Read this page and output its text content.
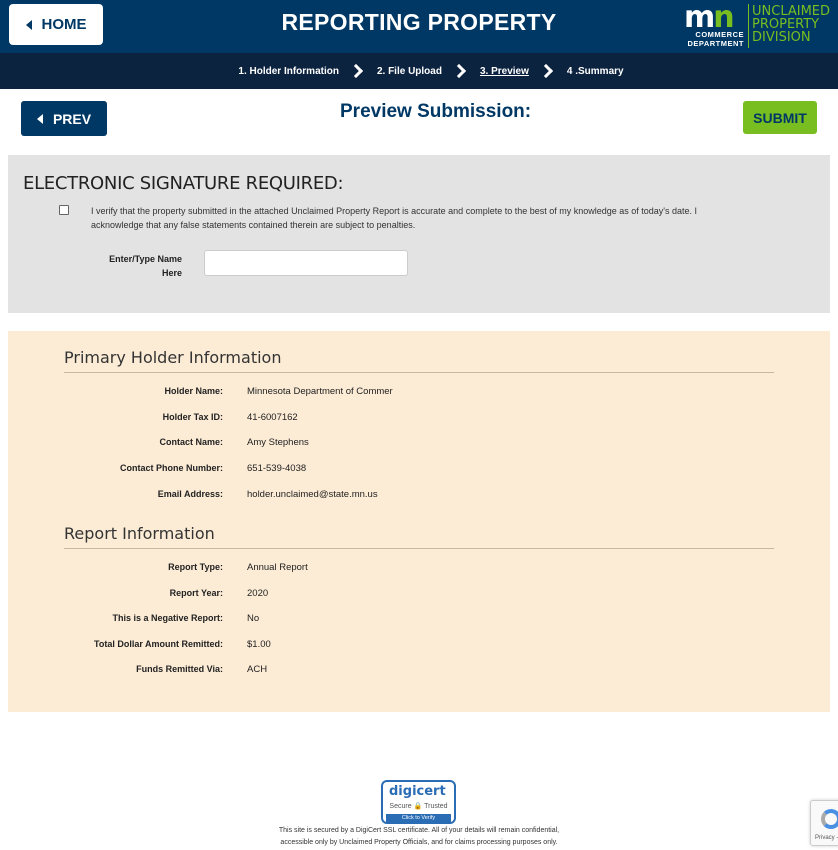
HOME	REPORTING PROPERTY	mn
COMMERCE
DEPARTMENT
UNCLAIMED
PROPERTY
DIVISION
1. Holder Information	2. File Upload	3. Preview	4 .Summary
PREV	Preview Submission:	SUBMIT
ELECTRONIC SIGNATURE REQUIRED:
I verify that the property submitted in the attached Unclaimed Property Report is accurate and complete to the best of my knowledge as of today's date. I acknowledge that any false statements contained therein are subject to penalties.
Enter/Type Name
Here
Primary Holder Information
Holder Name:	Minnesota Department of Commer
Holder Tax ID:	41-6007162
Contact Name:	Amy Stephens
Contact Phone Number:	651-539-4038
Email Address:	holder.unclaimed@state.mn.us
Report Information
Report Type:	Annual Report
Report Year:	2020
This is a Negative Report:	No
Total Dollar Amount Remitted:	$1.00
Funds Remitted Via:	ACH
digicert
Secure 🔒 Trusted
Click to Verify
This site is secured by a DigiCert SSL certificate. All of your details will remain confidential,
accessible only by Unclaimed Property Officials, and for claims processing purposes only.
Privacy -
